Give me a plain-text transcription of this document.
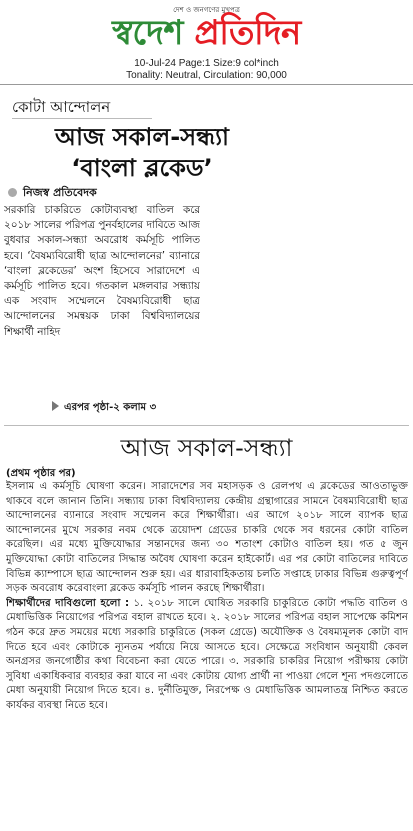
দেশ ও জনগণের মুখপত্র
স্বদেশ প্রতিদিন
10-Jul-24 Page:1 Size:9 col*inch
Tonality: Neutral, Circulation: 90,000
কোটা আন্দোলন
আজ সকাল-সন্ধ্যা
‘বাংলা ব্লকেড’
নিজস্ব প্রতিবেদক
সরকারি চাকরিতে কোটাব্যবস্থা বাতিল করে ২০১৮ সালের পরিপত্র পুনর্বহালের দাবিতে আজ বুধবার সকাল-সন্ধ্যা অবরোধ কর্মসূচি পালিত হবে। ‘বৈষম্যবিরোধী ছাত্র আন্দোলনের’ ব্যানারে ‘বাংলা ব্লকেডের’ অংশ হিসেবে সারাদেশে এ কর্মসূচি পালিত হবে। গতকাল মঙ্গলবার সন্ধ্যায় এক সংবাদ সম্মেলনে বৈষম্যবিরোধী ছাত্র আন্দোলনের সমন্বয়ক ঢাকা বিশ্ববিদ্যালয়ের শিক্ষার্থী নাহিদ
এরপর পৃষ্ঠা-২ কলাম ৩
আজ সকাল-সন্ধ্যা
(প্রথম পৃষ্ঠার পর)

ইসলাম এ কর্মসূচি ঘোষণা করেন। সারাদেশের সব মহাসড়ক ও রেলপথ এ ব্লকেডের আওতাভুক্ত থাকবে বলে জানান তিনি। সন্ধ্যায় ঢাকা বিশ্ববিদ্যালয় কেন্দ্রীয় গ্রন্থাগারের সামনে বৈষম্যবিরোধী ছাত্র আন্দোলনের ব্যানারে সংবাদ সম্মেলন করে শিক্ষার্থীরা। এর আগে ২০১৮ সালে ব্যাপক ছাত্র আন্দোলনের মুখে সরকার নবম থেকে ত্রয়োদশ গ্রেডের চাকরি থেকে সব ধরনের কোটা বাতিল করেছিল। এর মধ্যে মুক্তিযোদ্ধার সন্তানদের জন্য ৩০ শতাংশ কোটাও বাতিল হয়। গত ৫ জুন মুক্তিযোদ্ধা কোটা বাতিলের সিদ্ধান্ত অবৈধ ঘোষণা করেন হাইকোর্ট। এর পর কোটা বাতিলের দাবিতে বিভিন্ন ক্যাম্পাসে ছাত্র আন্দোলন শুরু হয়। এর ধারাবাহিকতায় চলতি সপ্তাহে ঢাকার বিভিন্ন গুরুত্বপূর্ণ সড়ক অবরোধ করেবাংলা ব্লকেড কর্মসূচি পালন করছে শিক্ষার্থীরা।

শিক্ষার্থীদের দাবিগুলো হলো : ১. ২০১৮ সালে ঘোষিত সরকারি চাকুরিতে কোটা পদ্ধতি বাতিল ও মেধাভিত্তিক নিয়োগের পরিপত্র বহাল রাখতে হবে। ২. ২০১৮ সালের পরিপত্র বহাল সাপেক্ষে কমিশন গঠন করে দ্রুত সময়ের মধ্যে সরকারি চাকুরিতে (সকল গ্রেডে) অযৌক্তিক ও বৈষম্যমূলক কোটা বাদ দিতে হবে এবং কোটাকে ন্যূনতম পর্যায়ে নিয়ে আসতে হবে। সেক্ষেত্রে সংবিধান অনুযায়ী কেবল অনগ্রসর জনগোষ্ঠীর কথা বিবেচনা করা যেতে পারে। ৩. সরকারি চাকরির নিয়োগ পরীক্ষায় কোটা সুবিধা একাধিকবার ব্যবহার করা যাবে না এবং কোটায় যোগ্য প্রার্থী না পাওয়া গেলে শূন্য পদগুলোতে মেধা অনুযায়ী নিয়োগ দিতে হবে। ৪. দুর্নীতিমুক্ত, নিরপেক্ষ ও মেধাভিত্তিক আমলাতন্ত্র নিশ্চিত করতে কার্যকর ব্যবস্থা নিতে হবে।
